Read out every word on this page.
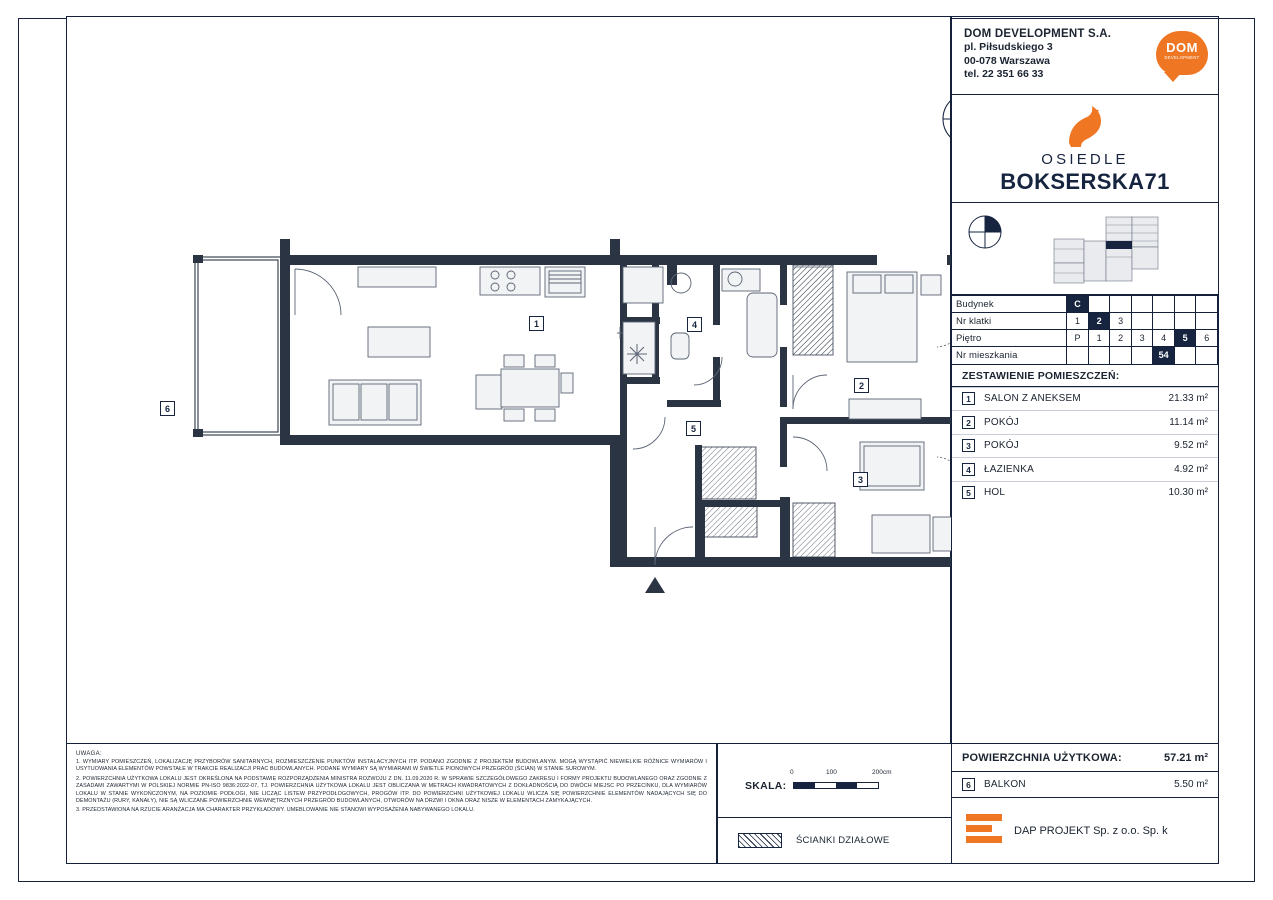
1	4
2
5
3
6
DOM DEVELOPMENT S.A.
pl. Piłsudskiego 3
00-078 Warszawa
tel. 22 351 66 33
DOM
DEVELOPMENT
OSIEDLE
BOKSERSKA71
Budynek	C						
Nr klatki	1	2	3				
Piętro	P	1	2	3	4	5	6
Nr mieszkania					54		
ZESTAWIENIE POMIESZCZEŃ:
1	SALON Z ANEKSEM	21.33 m²
2	POKÓJ	11.14 m²
3	POKÓJ	9.52 m²
4	ŁAZIENKA	4.92 m²
5	HOL	10.30 m²
POWIERZCHNIA UŻYTKOWA:	57.21 m²
6	BALKON	5.50 m²
DAP PROJEKT Sp. z o.o. Sp. k
UWAGA:

1. WYMIARY POMIESZCZEŃ, LOKALIZACJĘ PRZYBORÓW SANITARNYCH, ROZMIESZCZENIE PUNKTÓW INSTALACYJNYCH ITP. PODANO ZGODNIE Z PROJEKTEM BUDOWLANYM. MOGĄ WYSTĄPIĆ NIEWIELKIE RÓŻNICE WYMIARÓW I USYTUOWANIA ELEMENTÓW POWSTAŁE W TRAKCIE REALIZACJI PRAC BUDOWLANYCH. PODANE WYMIARY SĄ WYMIARAMI W ŚWIETLE PIONOWYCH PRZEGRÓD (ŚCIAN) W STANIE SUROWYM.

2. POWIERZCHNIA UŻYTKOWA LOKALU JEST OKREŚLONA NA PODSTAWIE ROZPORZĄDZENIA MINISTRA ROZWOJU Z DN. 11.09.2020 R. W SPRAWIE SZCZEGÓŁOWEGO ZAKRESU I FORMY PROJEKTU BUDOWLANEGO ORAZ ZGODNIE Z ZASADAMI ZAWARTYMI W POLSKIEJ NORMIE PN-ISO 9836:2022-07, TJ. POWIERZCHNIA UŻYTKOWA LOKALU JEST OBLICZANA W METRACH KWADRATOWYCH Z DOKŁADNOŚCIĄ DO DWÓCH MIEJSC PO PRZECINKU, DLA WYMIARÓW LOKALU W STANIE WYKOŃCZONYM, NA POZIOMIE PODŁOGI, NIE LICZĄC LISTEW PRZYPODŁOGOWYCH, PROGÓW ITP. DO POWIERZCHNI UŻYTKOWEJ LOKALU WLICZA SIĘ POWIERZCHNIE ELEMENTÓW NADAJĄCYCH SIĘ DO DEMONTAŻU (RURY, KANAŁY), NIE SĄ WLICZANE POWIERZCHNIE WEWNĘTRZNYCH PRZEGRÓD BUDOWLANYCH, OTWORÓW NA DRZWI I OKNA ORAZ NISZE W ELEMENTACH ZAMYKAJĄCYCH.

3. PRZEDSTAWIONA NA RZUCIE ARANŻACJA MA CHARAKTER PRZYKŁADOWY. UMEBLOWANIE NIE STANOWI WYPOSAŻENIA NABYWANEGO LOKALU.

SKALA:
0	100	200cm
ŚCIANKI DZIAŁOWE
